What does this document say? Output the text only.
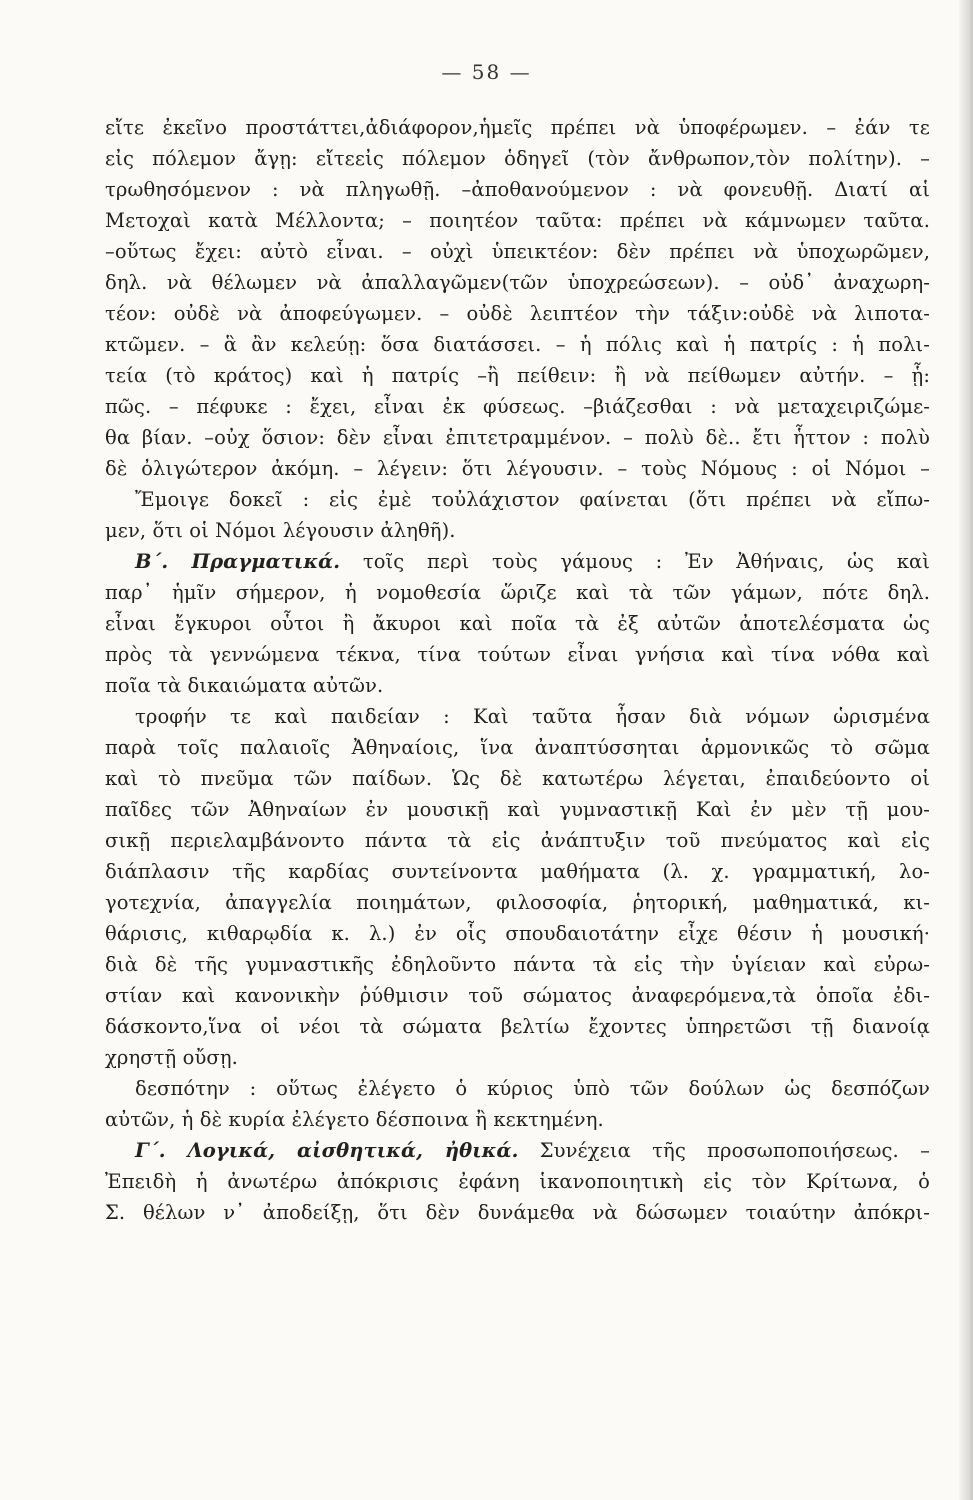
— 58 —
εἴτε ἐκεῖνο προστάττει,ἀδιάφορον,ἡμεῖς πρέπει νὰ ὑποφέρωμεν. – ἐάν τε
εἰς πόλεμον ἄγῃ: εἴτεεἰς πόλεμον ὁδηγεῖ (τὸν ἄνθρωπον,τὸν πολίτην). –
τρωθησόμενον : νὰ πληγωθῇ. –ἀποθανούμενον : νὰ φονευθῇ. Διατί αἱ
Μετοχαὶ κατὰ Μέλλοντα; – ποιητέον ταῦτα: πρέπει νὰ κάμνωμεν ταῦτα.
–οὕτως ἔχει: αὐτὸ εἶναι. – οὐχὶ ὑπεικτέον: δὲν πρέπει νὰ ὑποχωρῶμεν,
δηλ. νὰ θέλωμεν νὰ ἀπαλλαγῶμεν(τῶν ὑποχρεώσεων). – οὐδ᾽ ἀναχωρη-
τέον: οὐδὲ νὰ ἀποφεύγωμεν. – οὐδὲ λειπτέον τὴν τάξιν:οὐδὲ νὰ λιποτα-
κτῶμεν. – ἃ ἂν κελεύῃ: ὅσα διατάσσει. – ἡ πόλις καὶ ἡ πατρίς : ἡ πολι-
τεία (τὸ κράτος) καὶ ἡ πατρίς –ἢ πείθειν: ἢ νὰ πείθωμεν αὐτήν. – ᾗ:
πῶς. – πέφυκε : ἔχει, εἶναι ἐκ φύσεως. –βιάζεσθαι : νὰ μεταχειριζώμε-
θα βίαν. –οὐχ ὅσιον: δὲν εἶναι ἐπιτετραμμένον. – πολὺ δὲ.. ἔτι ἧττον : πολὺ
δὲ ὀλιγώτερον ἀκόμη. – λέγειν: ὅτι λέγουσιν. – τοὺς Νόμους : οἱ Νόμοι –
Ἔμοιγε δοκεῖ : εἰς ἐμὲ τοὐλάχιστον φαίνεται (ὅτι πρέπει νὰ εἴπω-
μεν, ὅτι οἱ Νόμοι λέγουσιν ἀληθῆ).
Β΄. Πραγματικά. τοῖς περὶ τοὺς γάμους : Ἐν Ἀθήναις, ὡς καὶ
παρ᾽ ἡμῖν σήμερον, ἡ νομοθεσία ὥριζε καὶ τὰ τῶν γάμων, πότε δηλ.
εἶναι ἔγκυροι οὗτοι ἢ ἄκυροι καὶ ποῖα τὰ ἐξ αὐτῶν ἀποτελέσματα ὡς
πρὸς τὰ γεννώμενα τέκνα, τίνα τούτων εἶναι γνήσια καὶ τίνα νόθα καὶ
ποῖα τὰ δικαιώματα αὐτῶν.
τροφήν τε καὶ παιδείαν : Καὶ ταῦτα ἦσαν διὰ νόμων ὡρισμένα
παρὰ τοῖς παλαιοῖς Ἀθηναίοις, ἵνα ἀναπτύσσηται ἁρμονικῶς τὸ σῶμα
καὶ τὸ πνεῦμα τῶν παίδων. Ὡς δὲ κατωτέρω λέγεται, ἐπαιδεύοντο οἱ
παῖδες τῶν Ἀθηναίων ἐν μουσικῇ καὶ γυμναστικῇ Καὶ ἐν μὲν τῇ μου-
σικῇ περιελαμβάνοντο πάντα τὰ εἰς ἀνάπτυξιν τοῦ πνεύματος καὶ εἰς
διάπλασιν τῆς καρδίας συντείνοντα μαθήματα (λ. χ. γραμματική, λο-
γοτεχνία, ἀπαγγελία ποιημάτων, φιλοσοφία, ῥητορική, μαθηματικά, κι-
θάρισις, κιθαρῳδία κ. λ.) ἐν οἷς σπουδαιοτάτην εἶχε θέσιν ἡ μουσική·
διὰ δὲ τῆς γυμναστικῆς ἐδηλοῦντο πάντα τὰ εἰς τὴν ὑγίειαν καὶ εὐρω-
στίαν καὶ κανονικὴν ῥύθμισιν τοῦ σώματος ἀναφερόμενα,τὰ ὁποῖα ἐδι-
δάσκοντο,ἵνα οἱ νέοι τὰ σώματα βελτίω ἔχοντες ὑπηρετῶσι τῇ διανοίᾳ
χρηστῇ οὔσῃ.
δεσπότην : οὕτως ἐλέγετο ὁ κύριος ὑπὸ τῶν δούλων ὡς δεσπόζων
αὐτῶν, ἡ δὲ κυρία ἐλέγετο δέσποινα ἢ κεκτημένη.
Γ΄. Λογικά, αἰσθητικά, ἠθικά. Συνέχεια τῆς προσωποποιήσεως. –
Ἐπειδὴ ἡ ἀνωτέρω ἀπόκρισις ἐφάνη ἱκανοποιητικὴ εἰς τὸν Κρίτωνα, ὁ
Σ. θέλων ν᾽ ἀποδείξῃ, ὅτι δὲν δυνάμεθα νὰ δώσωμεν τοιαύτην ἀπόκρι-
